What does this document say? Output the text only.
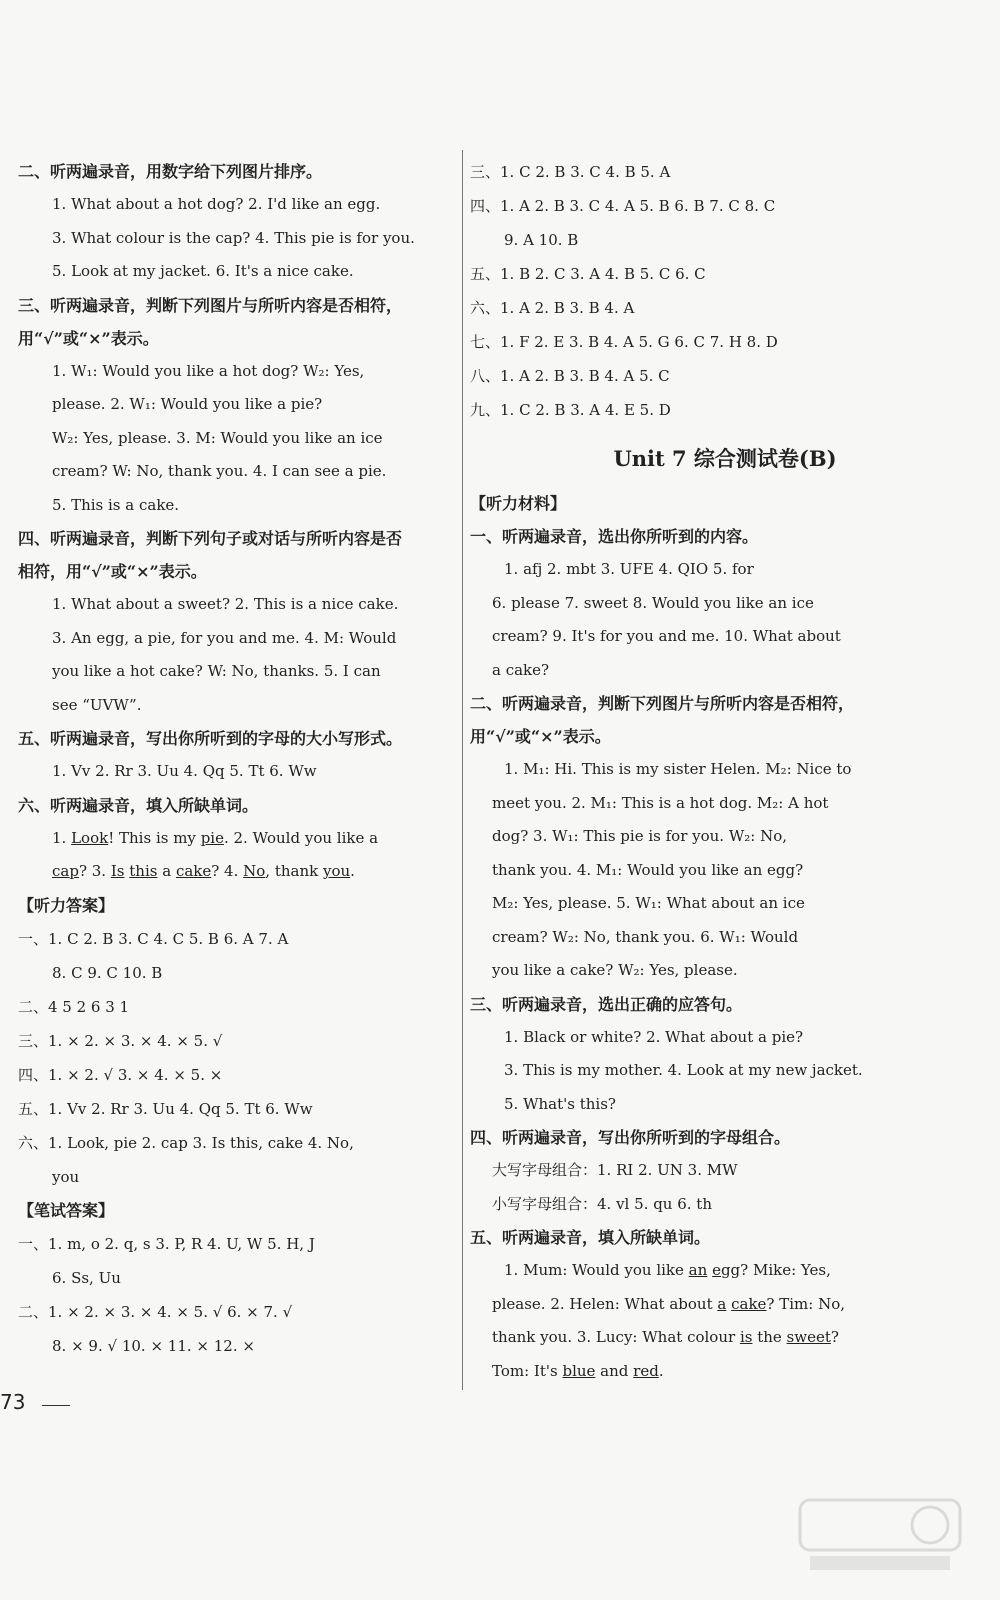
二、听两遍录音，用数字给下列图片排序。
1. What about a hot dog? 2. I'd like an egg.
3. What colour is the cap? 4. This pie is for you.
5. Look at my jacket. 6. It's a nice cake.
三、听两遍录音，判断下列图片与所听内容是否相符，
用“√”或“×”表示。
1. W₁: Would you like a hot dog? W₂: Yes,
please. 2. W₁: Would you like a pie?
W₂: Yes, please. 3. M: Would you like an ice
cream? W: No, thank you. 4. I can see a pie.
5. This is a cake.
四、听两遍录音，判断下列句子或对话与所听内容是否
相符，用“√”或“×”表示。
1. What about a sweet? 2. This is a nice cake.
3. An egg, a pie, for you and me. 4. M: Would
you like a hot cake? W: No, thanks. 5. I can
see “UVW”.
五、听两遍录音，写出你所听到的字母的大小写形式。
1. Vv 2. Rr 3. Uu 4. Qq 5. Tt 6. Ww
六、听两遍录音，填入所缺单词。
1. Look! This is my pie. 2. Would you like a
cap? 3. Is this a cake? 4. No, thank you.
【听力答案】
一、1. C 2. B 3. C 4. C 5. B 6. A 7. A
8. C 9. C 10. B
二、4 5 2 6 3 1
三、1. × 2. × 3. × 4. × 5. √
四、1. × 2. √ 3. × 4. × 5. ×
五、1. Vv 2. Rr 3. Uu 4. Qq 5. Tt 6. Ww
六、1. Look, pie 2. cap 3. Is this, cake 4. No,
you
【笔试答案】
一、1. m, o 2. q, s 3. P, R 4. U, W 5. H, J
6. Ss, Uu
二、1. × 2. × 3. × 4. × 5. √ 6. × 7. √
8. × 9. √ 10. × 11. × 12. ×
三、1. C 2. B 3. C 4. B 5. A
四、1. A 2. B 3. C 4. A 5. B 6. B 7. C 8. C
9. A 10. B
五、1. B 2. C 3. A 4. B 5. C 6. C
六、1. A 2. B 3. B 4. A
七、1. F 2. E 3. B 4. A 5. G 6. C 7. H 8. D
八、1. A 2. B 3. B 4. A 5. C
九、1. C 2. B 3. A 4. E 5. D
Unit 7 综合测试卷(B)
【听力材料】
一、听两遍录音，选出你所听到的内容。
1. afj 2. mbt 3. UFE 4. QIO 5. for
6. please 7. sweet 8. Would you like an ice
cream? 9. It's for you and me. 10. What about
a cake?
二、听两遍录音，判断下列图片与所听内容是否相符，
用“√”或“×”表示。
1. M₁: Hi. This is my sister Helen. M₂: Nice to
meet you. 2. M₁: This is a hot dog. M₂: A hot
dog? 3. W₁: This pie is for you. W₂: No,
thank you. 4. M₁: Would you like an egg?
M₂: Yes, please. 5. W₁: What about an ice
cream? W₂: No, thank you. 6. W₁: Would
you like a cake? W₂: Yes, please.
三、听两遍录音，选出正确的应答句。
1. Black or white? 2. What about a pie?
3. This is my mother. 4. Look at my new jacket.
5. What's this?
四、听两遍录音，写出你所听到的字母组合。
大写字母组合：1. RI 2. UN 3. MW
小写字母组合：4. vl 5. qu 6. th
五、听两遍录音，填入所缺单词。
1. Mum: Would you like an egg? Mike: Yes,
please. 2. Helen: What about a cake? Tim: No,
thank you. 3. Lucy: What colour is the sweet?
Tom: It's blue and red.
73
